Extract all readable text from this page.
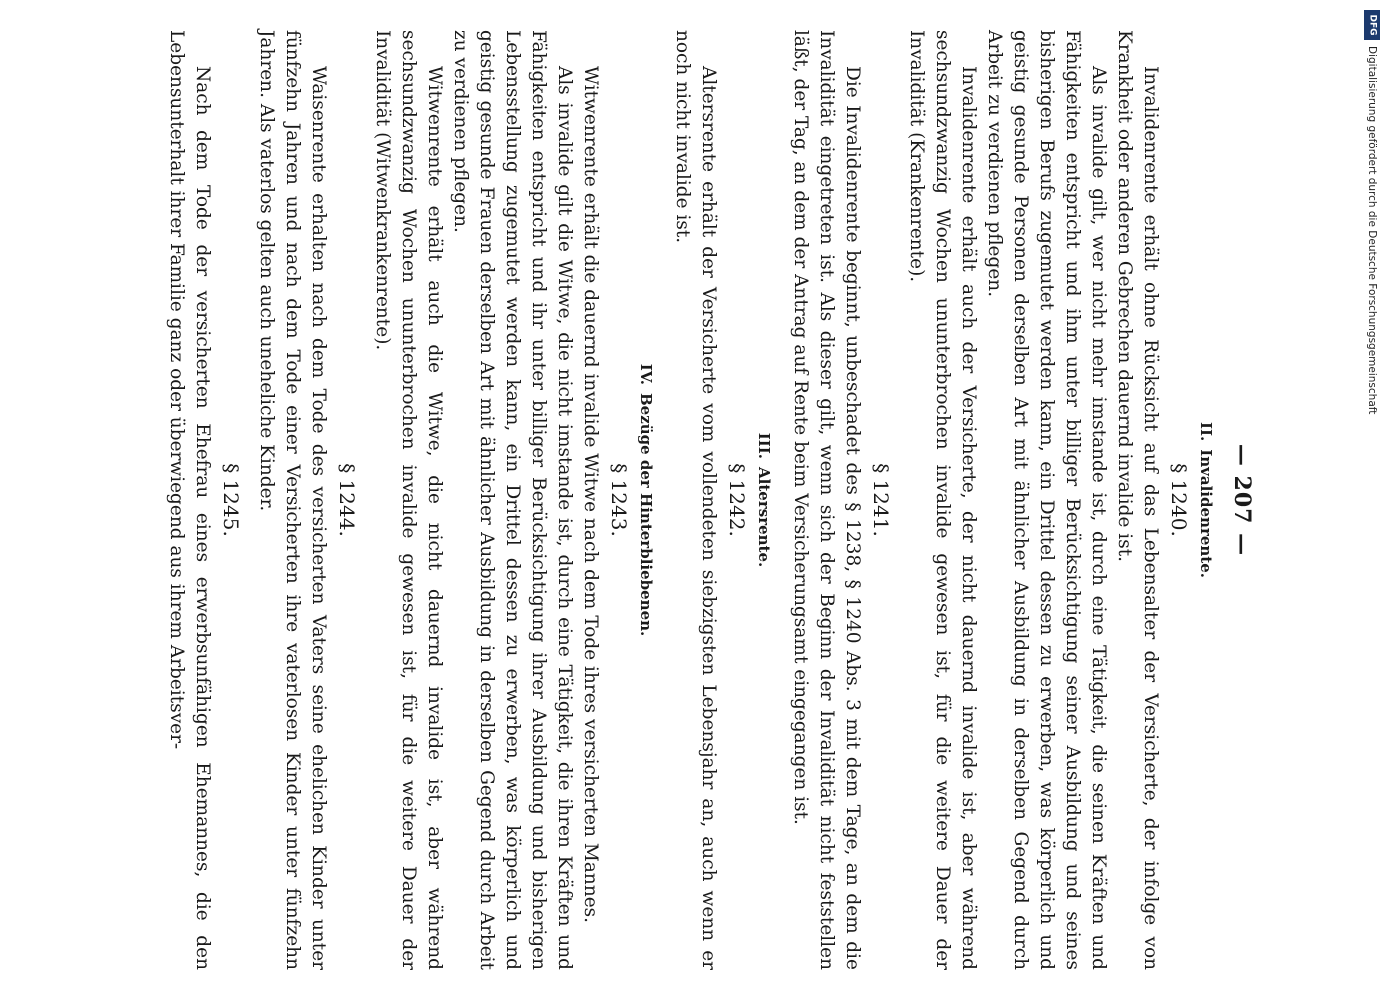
— 207 —
II.Invalidenrente.
§ 1240.

Invalidenrente erhält ohne Rücksicht auf das Lebensalter der Versicherte, der infolge von Krankheit oder anderen Gebrechen dauernd invalide ist.

Als invalide gilt, wer nicht mehr imstande ist, durch eine Tätigkeit, die seinen Kräften und Fähigkeiten entspricht und ihm unter billiger Berücksichtigung seiner Ausbildung und seines bisherigen Berufs zugemutet werden kann, ein Drittel dessen zu erwerben, was körperlich und geistig gesunde Personen derselben Art mit ähnlicher Ausbildung in derselben Gegend durch Arbeit zu verdienen pflegen.

Invalidenrente erhält auch der Versicherte, der nicht dauernd invalide ist, aber während sechsundzwanzig Wochen ununterbrochen invalide gewesen ist, für die weitere Dauer der Invalidität (Krankenrente).

§ 1241.

Die Invalidenrente beginnt, unbeschadet des § 1238, § 1240 Abs. 3 mit dem Tage, an dem die Invalidität eingetreten ist. Als dieser gilt, wenn sich der Beginn der Invalidität nicht feststellen läßt, der Tag, an dem der Antrag auf Rente beim Versicherungsamt eingegangen ist.

III.Altersrente.
§ 1242.

Altersrente erhält der Versicherte vom vollendeten siebzigsten Lebensjahr an, auch wenn er noch nicht invalide ist.

IV.Bezüge der Hinterbliebenen.
§ 1243.

Witwenrente erhält die dauernd invalide Witwe nach dem Tode ihres versicherten Mannes.

Als invalide gilt die Witwe, die nicht imstande ist, durch eine Tätigkeit, die ihren Kräften und Fähigkeiten entspricht und ihr unter billiger Berücksichtigung ihrer Ausbildung und bisherigen Lebensstellung zugemutet werden kann, ein Drittel dessen zu erwerben, was körperlich und geistig gesunde Frauen derselben Art mit ähnlicher Ausbildung in derselben Gegend durch Arbeit zu verdienen pflegen.

Witwenrente erhält auch die Witwe, die nicht dauernd invalide ist, aber während sechsundzwanzig Wochen ununterbrochen invalide gewesen ist, für die weitere Dauer der Invalidität (Witwenkrankenrente).

§ 1244.

Waisenrente erhalten nach dem Tode des versicherten Vaters seine ehelichen Kinder unter fünfzehn Jahren und nach dem Tode einer Versicherten ihre vaterlosen Kinder unter fünfzehn Jahren. Als vaterlos gelten auch uneheliche Kinder.

§ 1245.

Nach dem Tode der versicherten Ehefrau eines erwerbsunfähigen Ehemannes, die den Lebensunterhalt ihrer Familie ganz oder überwiegend aus ihrem Arbeitsver-

DFG
Digitalisierung gefördert durch die Deutsche Forschungsgemeinschaft
